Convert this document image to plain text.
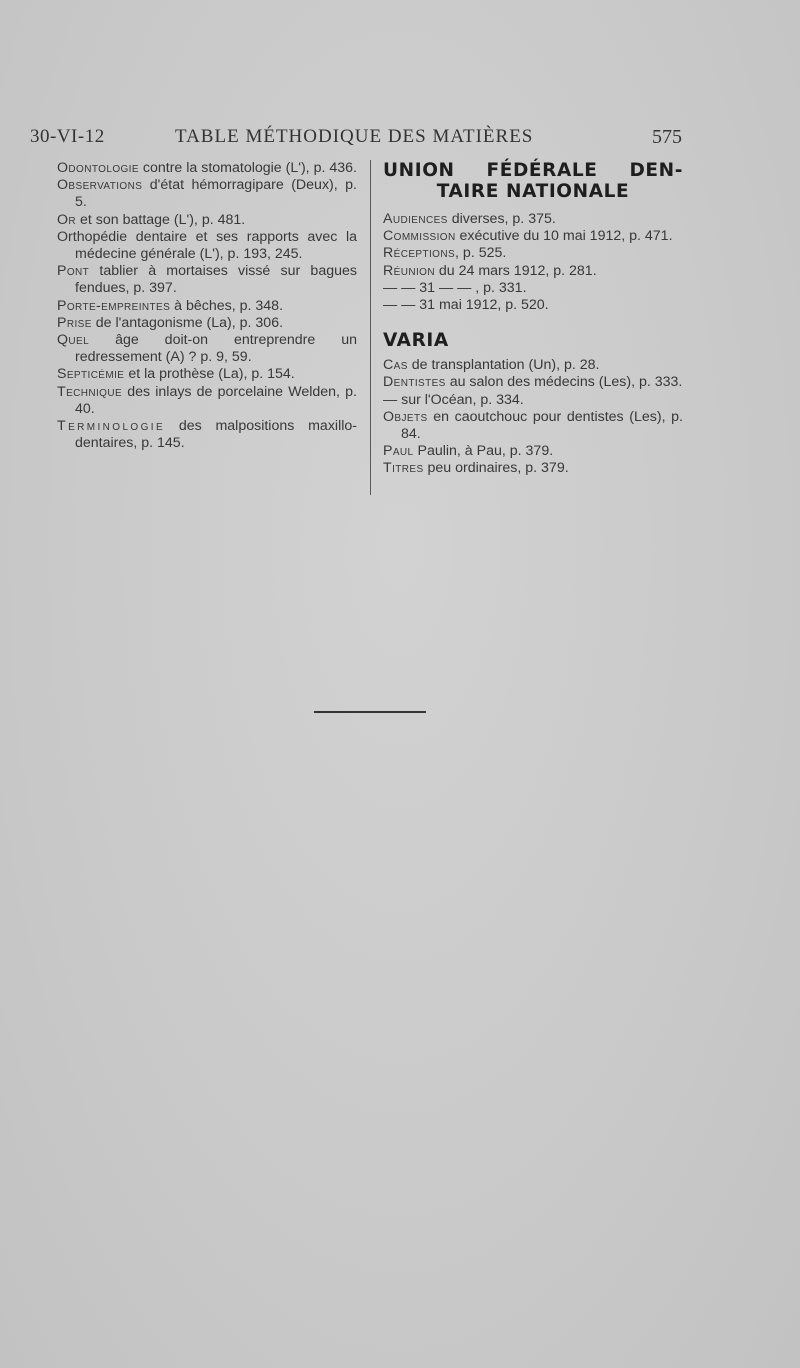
30-VI-12	TABLE MÉTHODIQUE DES MATIÈRES	575

Odontologie contre la stomatologie (L'), p. 436.

Observations d'état hémorragipare (Deux), p. 5.

Or et son battage (L'), p. 481.

Orthopédie dentaire et ses rapports avec la médecine générale (L'), p. 193, 245.

Pont tablier à mortaises vissé sur bagues fendues, p. 397.

Porte-empreintes à bêches, p. 348.

Prise de l'antagonisme (La), p. 306.

Quel âge doit-on entreprendre un redressement (A) ? p. 9, 59.

Septicémie et la prothèse (La), p. 154.

Technique des inlays de porcelaine Welden, p. 40.

Terminologie des malpositions maxillo-dentaires, p. 145.

UNION FÉDÉRALE DEN-
TAIRE NATIONALE

Audiences diverses, p. 375.

Commission exécutive du 10 mai 1912, p. 471.

Réceptions, p. 525.

Réunion du 24 mars 1912, p. 281.

— — 31 — — , p. 331.

— — 31 mai 1912, p. 520.

VARIA

Cas de transplantation (Un), p. 28.

Dentistes au salon des médecins (Les), p. 333.

— sur l'Océan, p. 334.

Objets en caoutchouc pour dentistes (Les), p. 84.

Paul Paulin, à Pau, p. 379.

Titres peu ordinaires, p. 379.
